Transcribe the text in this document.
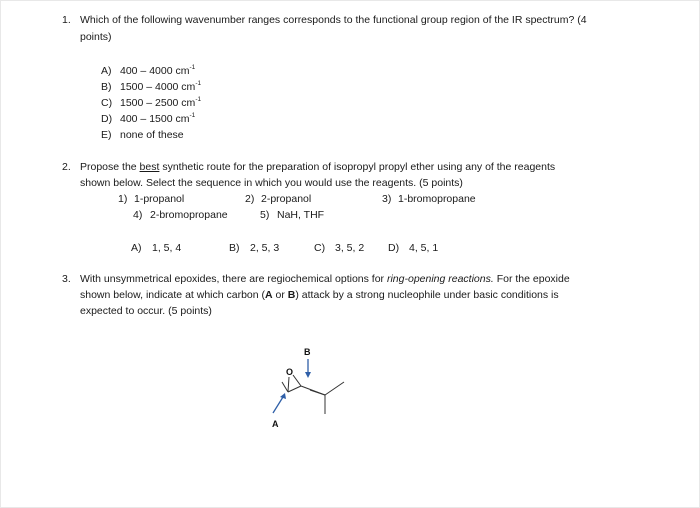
1. Which of the following wavenumber ranges corresponds to the functional group region of the IR spectrum? (4
points)
A) 400 – 4000 $cm^{-1}$
B) 1500 – 4000 $cm^{-1}$
C) 1500 – 2500 $cm^{-1}$
D) 400 – 1500 $cm^{-1}$
E) none of these
2. Propose the best synthetic route for the preparation of isopropyl propyl ether using any of the reagents
shown below. Select the sequence in which you would use the reagents. (5 points)
1) 1-propanol	2) 2-propanol	3) 1-bromopropane
4) 2-bromopropane	5) NaH, THF
A) 1, 5, 4	B) 2, 5, 3	C) 3, 5, 2 D) 4, 5, 1
3. With unsymmetrical epoxides, there are regiochemical options for ring-opening reactions. For the epoxide
shown below, indicate at which carbon (A or B) attack by a strong nucleophile under basic conditions is
expected to occur. (5 points)
B
O
A
